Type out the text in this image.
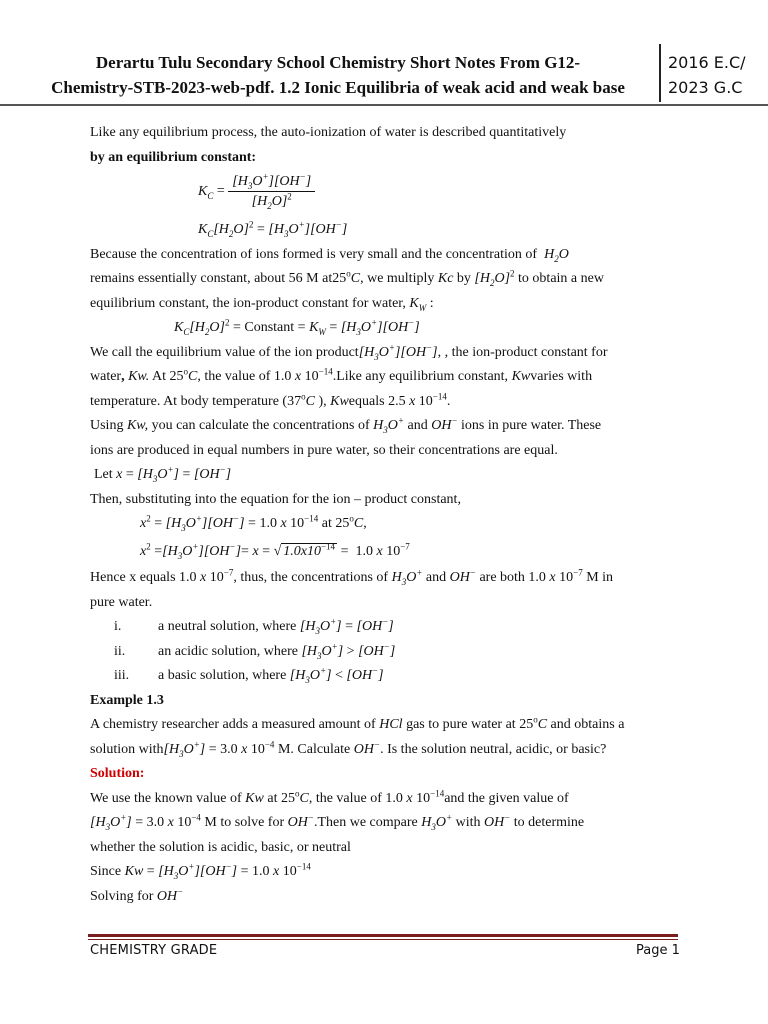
Derartu Tulu Secondary School Chemistry Short Notes From G12-
Chemistry-STB-2023-web-pdf. 1.2 Ionic Equilibria of weak acid and weak base
2016 E.C/
2023 G.C

Like any equilibrium process, the auto-ionization of water is described quantitatively

by an equilibrium constant:

$K_C = \frac{[H_3O^+][OH^-]}{[H_2O]^2}$

$K_C[H_2O]^2 = [H_3O^+][OH^-]$

Because the concentration of ions formed is very small and the concentration of $H_2O$

remains essentially constant, about 56 M at25$^o$C, we multiply Kc by $[H_2O]^2$ to obtain a new

equilibrium constant, the ion-product constant for water, $K_W$ :

$K_C[H_2O]^2$ = Constant = $K_W = [H_3O^+][OH^-]$

We call the equilibrium value of the ion $product[H_3O^+][OH^-]$, , the ion-product constant for

water, Kw. At 25$^o$C, the value of 1.0 x $10^{-14}.Like$ any equilibrium constant, Kwvaries with

temperature. At body temperature (37$^o$C ), Kwequals 2.5 x $10^{-14}$.

Using Kw, you can calculate the concentrations of $H_3O^+$ and OH− ions in pure water. These

ions are produced in equal numbers in pure water, so their concentrations are equal.

Let $x = [H_3O^+] = [OH^-]$

Then, substituting into the equation for the ion – product constant,

$x^2 = [H_3O^+][OH^-] = 1.0$ x $10^{-14}$ at 25$^o$C,

$x^2 =[H_3O^+][OH^-]= x$ = √ $1.0x10^{-14} = 1.0$ x $10^{-7}$

Hence x equals 1.0 x $10^{-7}$, thus, the concentrations of $H_3O^+$ and OH− are both 1.0 x $10^{-7}$ M in

pure water.

i.	a neutral solution, where $[H_3O^+] = [OH^-]$

ii. an acidic solution, where $[H_3O^+] > [OH^-]$

iii. a basic solution, where $[H_3O^+] < [OH^-]$

Example 1.3

A chemistry researcher adds a measured amount of HCl gas to pure water at 25$^o$C and obtains a

solution $with[H_3O^+] = 3.0$ x $10^{-4}$ M. Calculate OH−. Is the solution neutral, acidic, or basic?

Solution:

We use the known value of Kw at 25$^o$C, the value of 1.0 x $10^{-14}and$ the given value of

$[H_3O^+] = 3.0$ x $10^{-4}$ M to solve for OH−.Then we compare $H_3O^+$ with OH− to determine

whether the solution is acidic, basic, or neutral

Since $Kw = [H_3O^+][OH^-] = 1.0$ x $10^{-14}$

Solving for OH−

CHEMISTRY GRADE	Page 1
